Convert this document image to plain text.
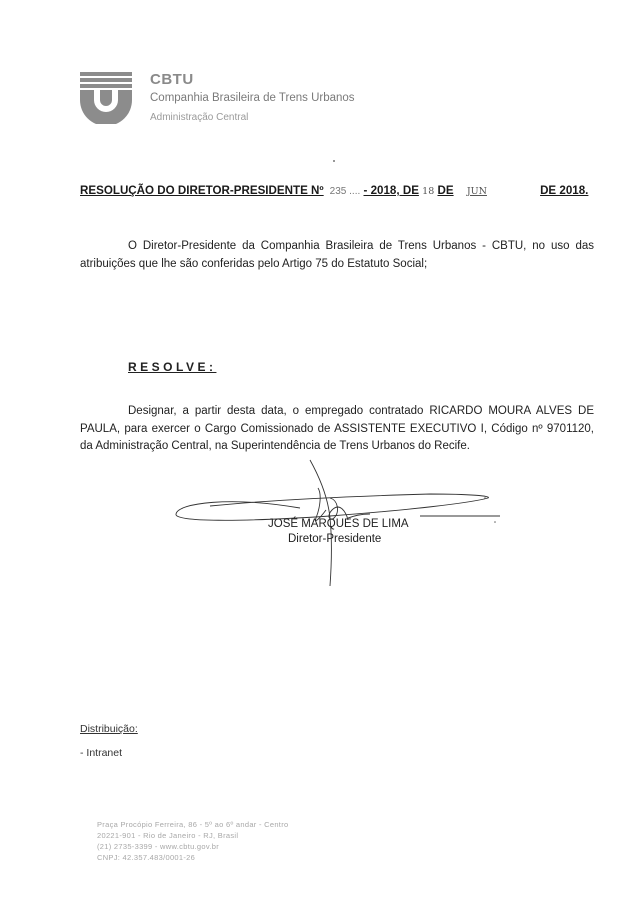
CBTU
Companhia Brasileira de Trens Urbanos
Administração Central
RESOLUÇÃO DO DIRETOR-PRESIDENTE Nº 235 .... - 2018, DE 18 DE JUN	DE 2018.
O Diretor-Presidente da Companhia Brasileira de Trens Urbanos - CBTU, no uso das atribuições que lhe são conferidas pelo Artigo 75 do Estatuto Social;
RESOLVE:
Designar, a partir desta data, o empregado contratado RICARDO MOURA ALVES DE PAULA, para exercer o Cargo Comissionado de ASSISTENTE EXECUTIVO I, Código nº 9701120, da Administração Central, na Superintendência de Trens Urbanos do Recife.
JOSÉ MARQUES DE LIMA
Diretor-Presidente
Distribuição:
- Intranet
Praça Procópio Ferreira, 86 - 5º ao 6º andar - Centro
20221-901 - Rio de Janeiro - RJ, Brasil
(21) 2735-3399 - www.cbtu.gov.br
CNPJ: 42.357.483/0001-26
